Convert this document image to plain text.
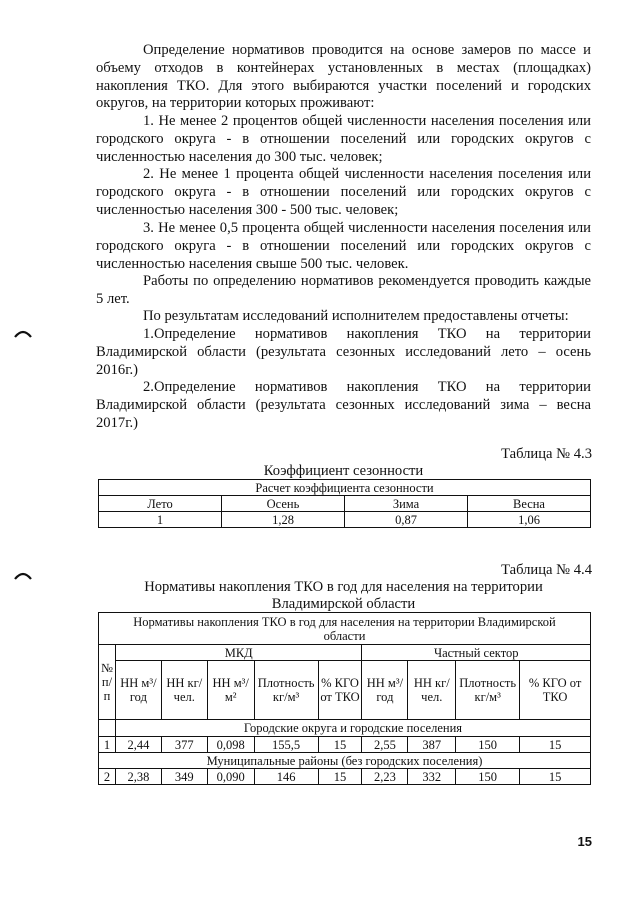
Определение нормативов проводится на основе замеров по массе и объему отходов в контейнерах установленных в местах (площадках) накопления ТКО. Для этого выбираются участки поселений и городских округов, на территории которых проживают:

1. Не менее 2 процентов общей численности населения поселения или городского округа - в отношении поселений или городских округов с численностью населения до 300 тыс. человек;

2. Не менее 1 процента общей численности населения поселения или городского округа - в отношении поселений или городских округов с численностью населения 300 - 500 тыс. человек;

3. Не менее 0,5 процента общей численности населения поселения или городского округа - в отношении поселений или городских округов с численностью населения свыше 500 тыс. человек.

Работы по определению нормативов рекомендуется проводить каждые 5 лет.

По результатам исследований исполнителем предоставлены отчеты:

1.Определение нормативов накопления ТКО на территории Владимирской области (результата сезонных исследований лето – осень 2016г.)

2.Определение нормативов накопления ТКО на территории Владимирской области (результата сезонных исследований зима – весна 2017г.)

Таблица № 4.3
Коэффициент сезонности
Расчет коэффициента сезонности			
Лето	Осень	Зима	Весна
1	1,28	0,87	1,06
Таблица № 4.4
Нормативы накопления ТКО в год для населения на территории
Владимирской области
Нормативы накопления ТКО в год для населения на территории Владимирской области									
№ п/п	МКД					Частный сектор			
	НН м³/год	НН кг/чел.	НН м³/м²	Плотность кг/м³	% КГО от ТКО	НН м³/год	НН кг/чел.	Плотность кг/м³	% КГО от ТКО
	Городские округа и городские поселения								
1	2,44	377	0,098	155,5	15	2,55	387	150	15
Муниципальные районы (без городских поселения)									
2	2,38	349	0,090	146	15	2,23	332	150	15
15
